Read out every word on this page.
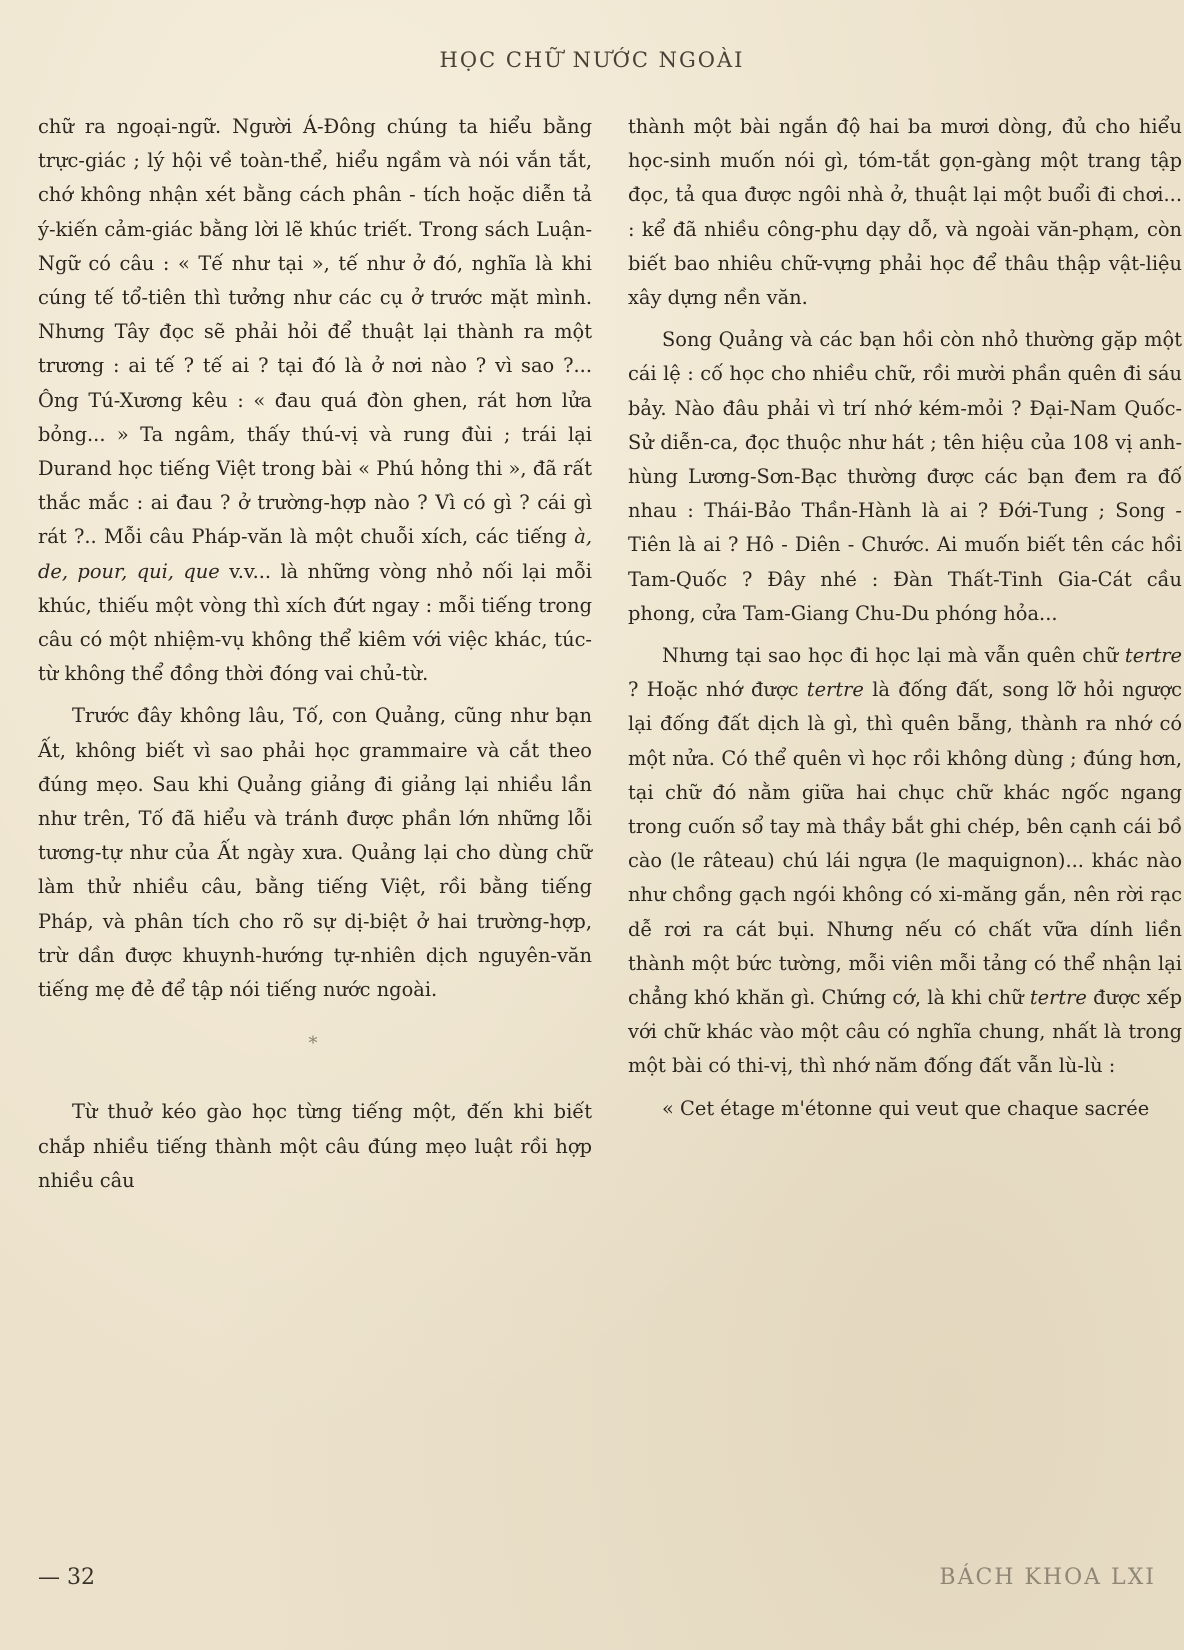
HỌC CHỮ NƯỚC NGOÀI

chữ ra ngoại-ngữ. Người Á-Đông chúng ta hiểu bằng trực-giác ; lý hội về toàn-thể, hiểu ngầm và nói vắn tắt, chớ không nhận xét bằng cách phân - tích hoặc diễn tả ý-kiến cảm-giác bằng lời lẽ khúc triết. Trong sách Luận-Ngữ có câu : « Tế như tại », tế như ở đó, nghĩa là khi cúng tế tổ-tiên thì tưởng như các cụ ở trước mặt mình. Nhưng Tây đọc sẽ phải hỏi để thuật lại thành ra một trương : ai tế ? tế ai ? tại đó là ở nơi nào ? vì sao ?... Ông Tú-Xương kêu : « đau quá đòn ghen, rát hơn lửa bỏng... » Ta ngâm, thấy thú-vị và rung đùi ; trái lại Durand học tiếng Việt trong bài « Phú hỏng thi », đã rất thắc mắc : ai đau ? ở trường-hợp nào ? Vì có gì ? cái gì rát ?.. Mỗi câu Pháp-văn là một chuỗi xích, các tiếng à, de, pour, qui, que v.v... là những vòng nhỏ nối lại mỗi khúc, thiếu một vòng thì xích đứt ngay : mỗi tiếng trong câu có một nhiệm-vụ không thể kiêm với việc khác, túc-từ không thể đồng thời đóng vai chủ-từ.

Trước đây không lâu, Tố, con Quảng, cũng như bạn Ất, không biết vì sao phải học grammaire và cắt theo đúng mẹo. Sau khi Quảng giảng đi giảng lại nhiều lần như trên, Tố đã hiểu và tránh được phần lớn những lỗi tương-tự như của Ất ngày xưa. Quảng lại cho dùng chữ làm thử nhiều câu, bằng tiếng Việt, rồi bằng tiếng Pháp, và phân tích cho rõ sự dị-biệt ở hai trường-hợp, trừ dần được khuynh-hướng tự-nhiên dịch nguyên-văn tiếng mẹ đẻ để tập nói tiếng nước ngoài.

*

Từ thuở kéo gào học từng tiếng một, đến khi biết chắp nhiều tiếng thành một câu đúng mẹo luật rồi hợp nhiều câu

thành một bài ngắn độ hai ba mươi dòng, đủ cho hiểu học-sinh muốn nói gì, tóm-tắt gọn-gàng một trang tập đọc, tả qua được ngôi nhà ở, thuật lại một buổi đi chơi... : kể đã nhiều công-phu dạy dỗ, và ngoài văn-phạm, còn biết bao nhiêu chữ-vựng phải học để thâu thập vật-liệu xây dựng nền văn.

Song Quảng và các bạn hồi còn nhỏ thường gặp một cái lệ : cố học cho nhiều chữ, rồi mười phần quên đi sáu bảy. Nào đâu phải vì trí nhớ kém-mỏi ? Đại-Nam Quốc-Sử diễn-ca, đọc thuộc như hát ; tên hiệu của 108 vị anh-hùng Lương-Sơn-Bạc thường được các bạn đem ra đố nhau : Thái-Bảo Thần-Hành là ai ? Đới-Tung ; Song - Tiên là ai ? Hô - Diên - Chước. Ai muốn biết tên các hồi Tam-Quốc ? Đây nhé : Đàn Thất-Tinh Gia-Cát cầu phong, cửa Tam-Giang Chu-Du phóng hỏa...

Nhưng tại sao học đi học lại mà vẫn quên chữ tertre ? Hoặc nhớ được tertre là đống đất, song lỡ hỏi ngược lại đống đất dịch là gì, thì quên bẵng, thành ra nhớ có một nửa. Có thể quên vì học rồi không dùng ; đúng hơn, tại chữ đó nằm giữa hai chục chữ khác ngốc ngang trong cuốn sổ tay mà thầy bắt ghi chép, bên cạnh cái bồ cào (le râteau) chú lái ngựa (le maquignon)... khác nào như chồng gạch ngói không có xi-măng gắn, nên rời rạc dễ rơi ra cát bụi. Nhưng nếu có chất vữa dính liền thành một bức tường, mỗi viên mỗi tảng có thể nhận lại chẳng khó khăn gì. Chứng cớ, là khi chữ tertre được xếp với chữ khác vào một câu có nghĩa chung, nhất là trong một bài có thi-vị, thì nhớ năm đống đất vẫn lù-lù :

« Cet étage m'étonne qui veut que chaque sacrée

— 32	BÁCH KHOA LXI
